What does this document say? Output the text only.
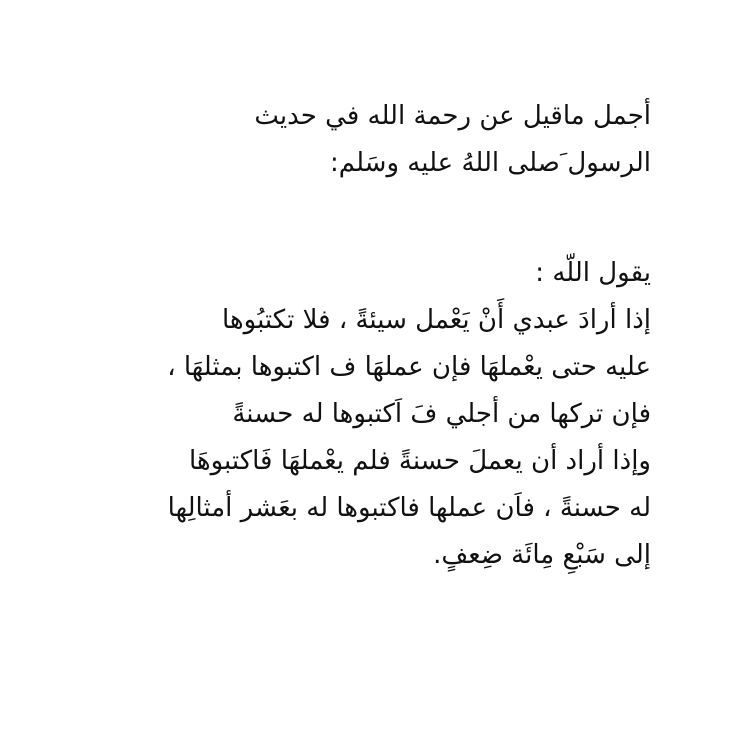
أجمل ماقيل عن رحمة الله في حديث
الرسول َصلى اللهُ عليه وسَلم:
يقول اللّه :
إذا أرادَ عبدي أَنْ يَعْمل سيئةً ، فلا تكتبُوها
عليه حتى يعْملهَا فإن عملهَا ف اكتبوها بمثلهَا ،
فإن تركها من أجلي فَ اَكتبوها له حسنةً
وإذا أراد أن يعملَ حسنةً فلم يعْملهَا فَاكتبوهَا
له حسنةً ، فاَن عملها فاكتبوها له بعَشر أمثالِها
إلى سَبْعِ مِائَة ضِعفٍ.
